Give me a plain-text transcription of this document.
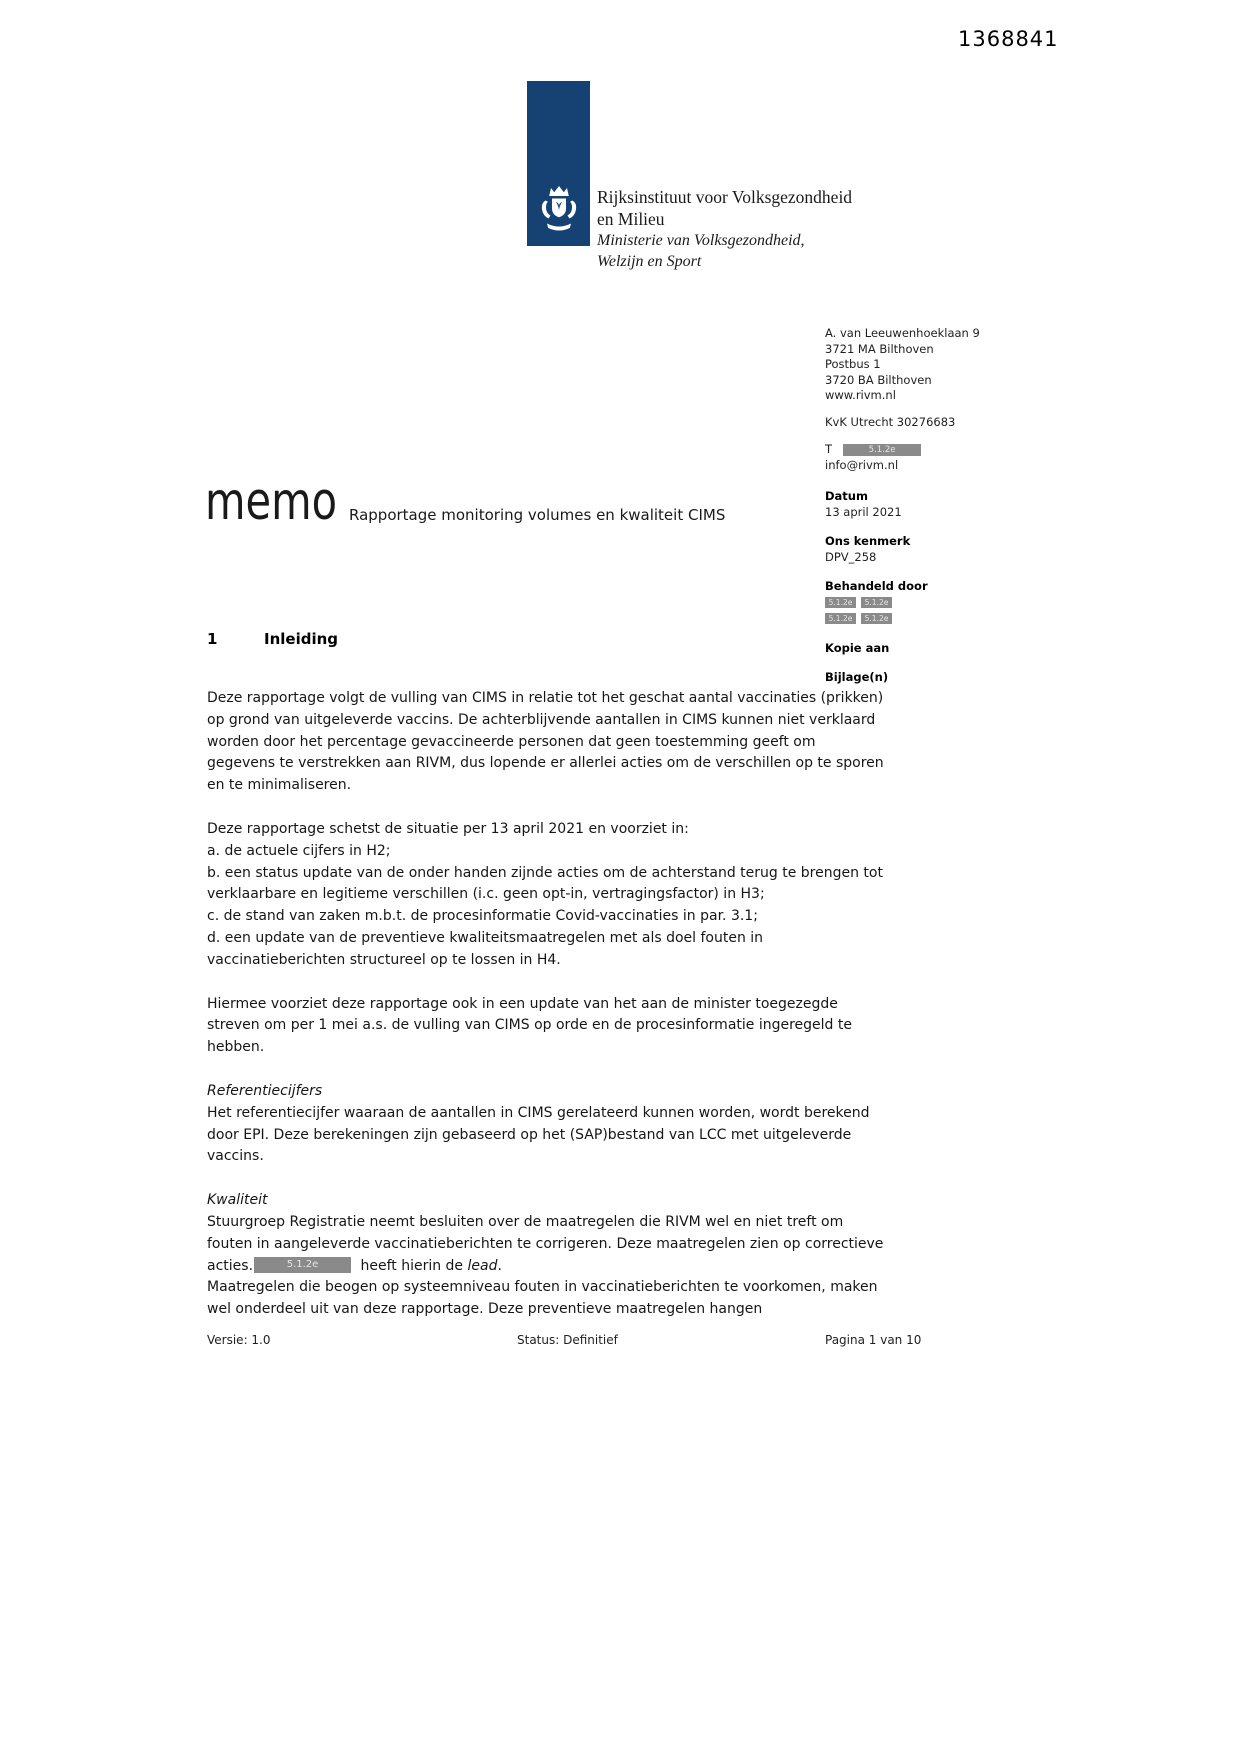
1368841
Rijksinstituut voor Volksgezondheid
en Milieu
Ministerie van Volksgezondheid,
Welzijn en Sport
A. van Leeuwenhoeklaan 9
3721 MA Bilthoven
Postbus 1
3720 BA Bilthoven
www.rivm.nl
KvK Utrecht 30276683
T	5.1.2e
info@rivm.nl
Datum
13 april 2021
Ons kenmerk
DPV_258
Behandeld door
5.1.2e 5.1.2e
5.1.2e 5.1.2e
Kopie aan
Bijlage(n)
memo Rapportage monitoring volumes en kwaliteit CIMS
1	Inleiding
Deze rapportage volgt de vulling van CIMS in relatie tot het geschat aantal vaccinaties (prikken) op grond van uitgeleverde vaccins. De achterblijvende aantallen in CIMS kunnen niet verklaard worden door het percentage gevaccineerde personen dat geen toestemming geeft om gegevens te verstrekken aan RIVM, dus lopende er allerlei acties om de verschillen op te sporen en te minimaliseren.
Deze rapportage schetst de situatie per 13 april 2021 en voorziet in:
a. de actuele cijfers in H2;
b. een status update van de onder handen zijnde acties om de achterstand terug te brengen tot verklaarbare en legitieme verschillen (i.c. geen opt-in, vertragingsfactor) in H3;
c. de stand van zaken m.b.t. de procesinformatie Covid-vaccinaties in par. 3.1;
d. een update van de preventieve kwaliteitsmaatregelen met als doel fouten in vaccinatieberichten structureel op te lossen in H4.
Hiermee voorziet deze rapportage ook in een update van het aan de minister toegezegde streven om per 1 mei a.s. de vulling van CIMS op orde en de procesinformatie ingeregeld te hebben.
Referentiecijfers
Het referentiecijfer waaraan de aantallen in CIMS gerelateerd kunnen worden, wordt berekend door EPI. Deze berekeningen zijn gebaseerd op het (SAP)bestand van LCC met uitgeleverde vaccins.
Kwaliteit
Stuurgroep Registratie neemt besluiten over de maatregelen die RIVM wel en niet treft om fouten in aangeleverde vaccinatieberichten te corrigeren. Deze maatregelen zien op correctieve acties.	5.1.2e	heeft hierin de lead.
Maatregelen die beogen op systeemniveau fouten in vaccinatieberichten te voorkomen, maken wel onderdeel uit van deze rapportage. Deze preventieve maatregelen hangen
Versie: 1.0	Status: Definitief	Pagina 1 van 10
